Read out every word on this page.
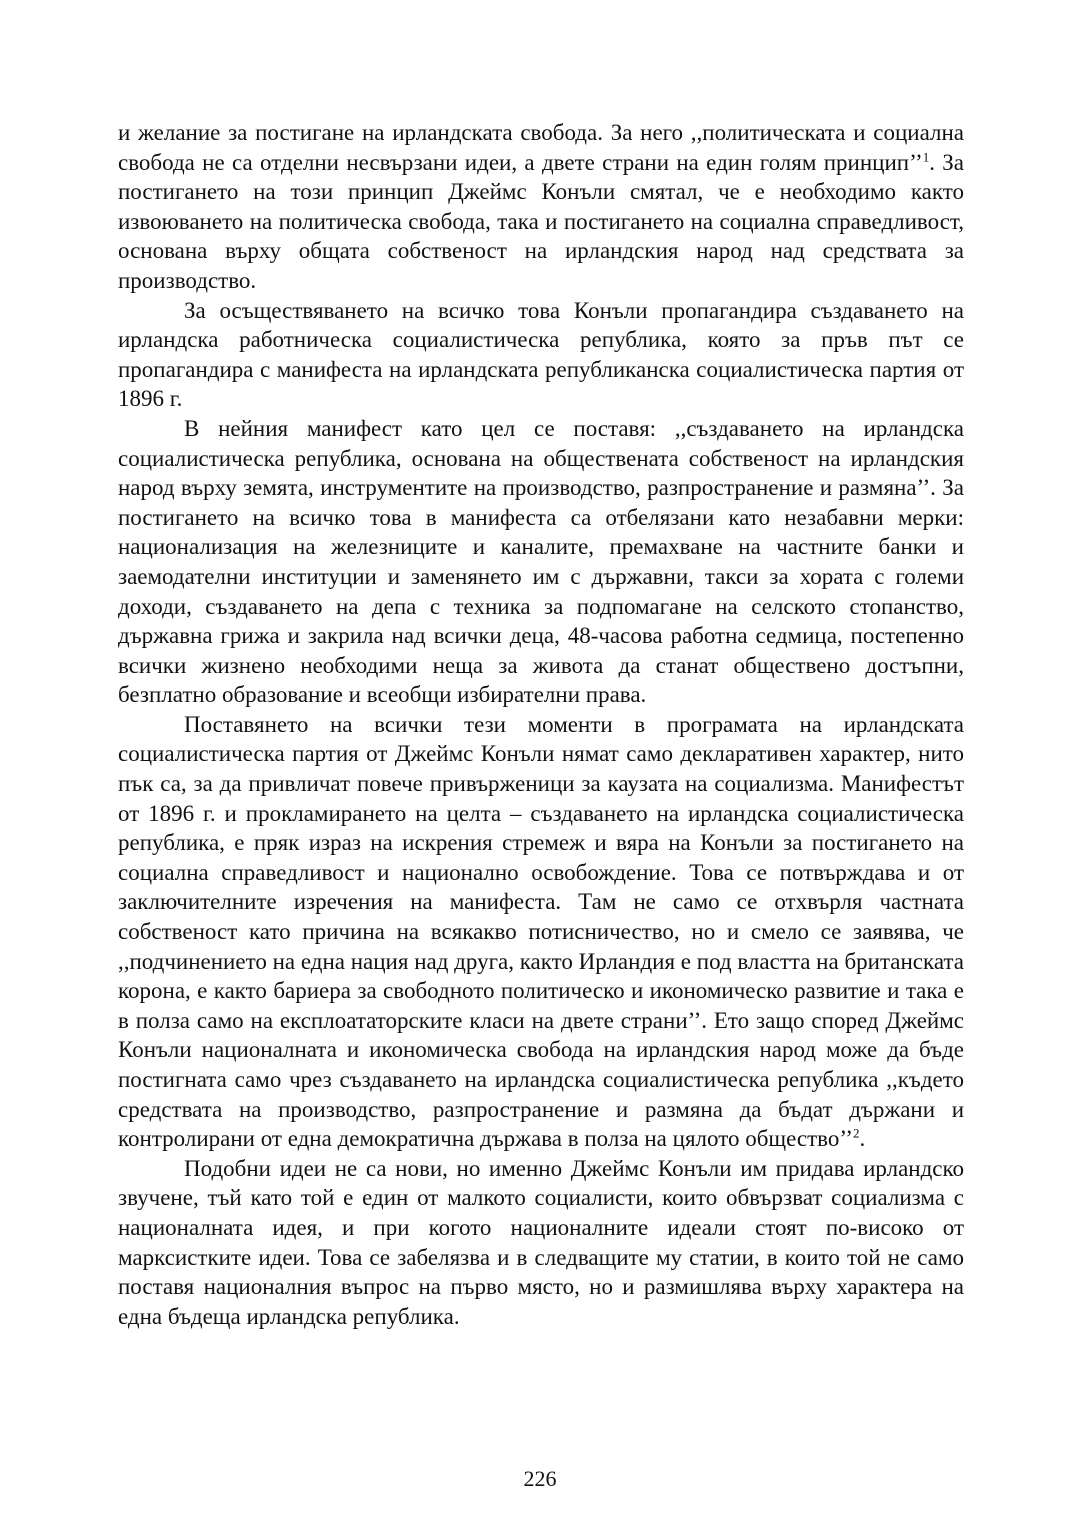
и желание за постигане на ирландската свобода. За него ,,политическата и социална свобода не са отделни несвързани идеи, а двете страни на един голям принцип’’$^1$. За постигането на този принцип Джеймс Конъли смятал, че е необходимо както извоюването на политическа свобода, така и постигането на социална справедливост, основана върху общата собственост на ирландския народ над средствата за производство.

За осъществяването на всичко това Конъли пропагандира създаването на ирландска работническа социалистическа република, която за пръв път се пропагандира с манифеста на ирландската републиканска социалистическа партия от 1896 г.

В нейния манифест като цел се поставя: ,,създаването на ирландска социалистическа република, основана на обществената собственост на ирландския народ върху земята, инструментите на производство, разпространение и размяна’’. За постигането на всичко това в манифеста са отбелязани като незабавни мерки: национализация на железниците и каналите, премахване на частните банки и заемодателни институции и заменянето им с държавни, такси за хората с големи доходи, създаването на депа с техника за подпомагане на селското стопанство, държавна грижа и закрила над всички деца, 48-часова работна седмица, постепенно всички жизнено необходими неща за живота да станат обществено достъпни, безплатно образование и всеобщи избирателни права.

Поставянето на всички тези моменти в програмата на ирландската социалистическа партия от Джеймс Конъли нямат само декларативен характер, нито пък са, за да привличат повече привърженици за каузата на социализма. Манифестът от 1896 г. и прокламирането на целта – създаването на ирландска социалистическа република, е пряк израз на искрения стремеж и вяра на Конъли за постигането на социална справедливост и национално освобождение. Това се потвърждава и от заключителните изречения на манифеста. Там не само се отхвърля частната собственост като причина на всякакво потисничество, но и смело се заявява, че ,,подчинението на една нация над друга, както Ирландия е под властта на британската корона, е както бариера за свободното политическо и икономическо развитие и така е в полза само на експлоататорските класи на двете страни’’. Ето защо според Джеймс Конъли националната и икономическа свобода на ирландския народ може да бъде постигната само чрез създаването на ирландска социалистическа република ,,където средствата на производство, разпространение и размяна да бъдат държани и контролирани от една демократична държава в полза на цялото общество’’$^2$.

Подобни идеи не са нови, но именно Джеймс Конъли им придава ирландско звучене, тъй като той е един от малкото социалисти, които обвързват социализма с националната идея, и при когото националните идеали стоят по-високо от марксистките идеи. Това се забелязва и в следващите му статии, в които той не само поставя националния въпрос на първо място, но и размишлява върху характера на една бъдеща ирландска република.

226
